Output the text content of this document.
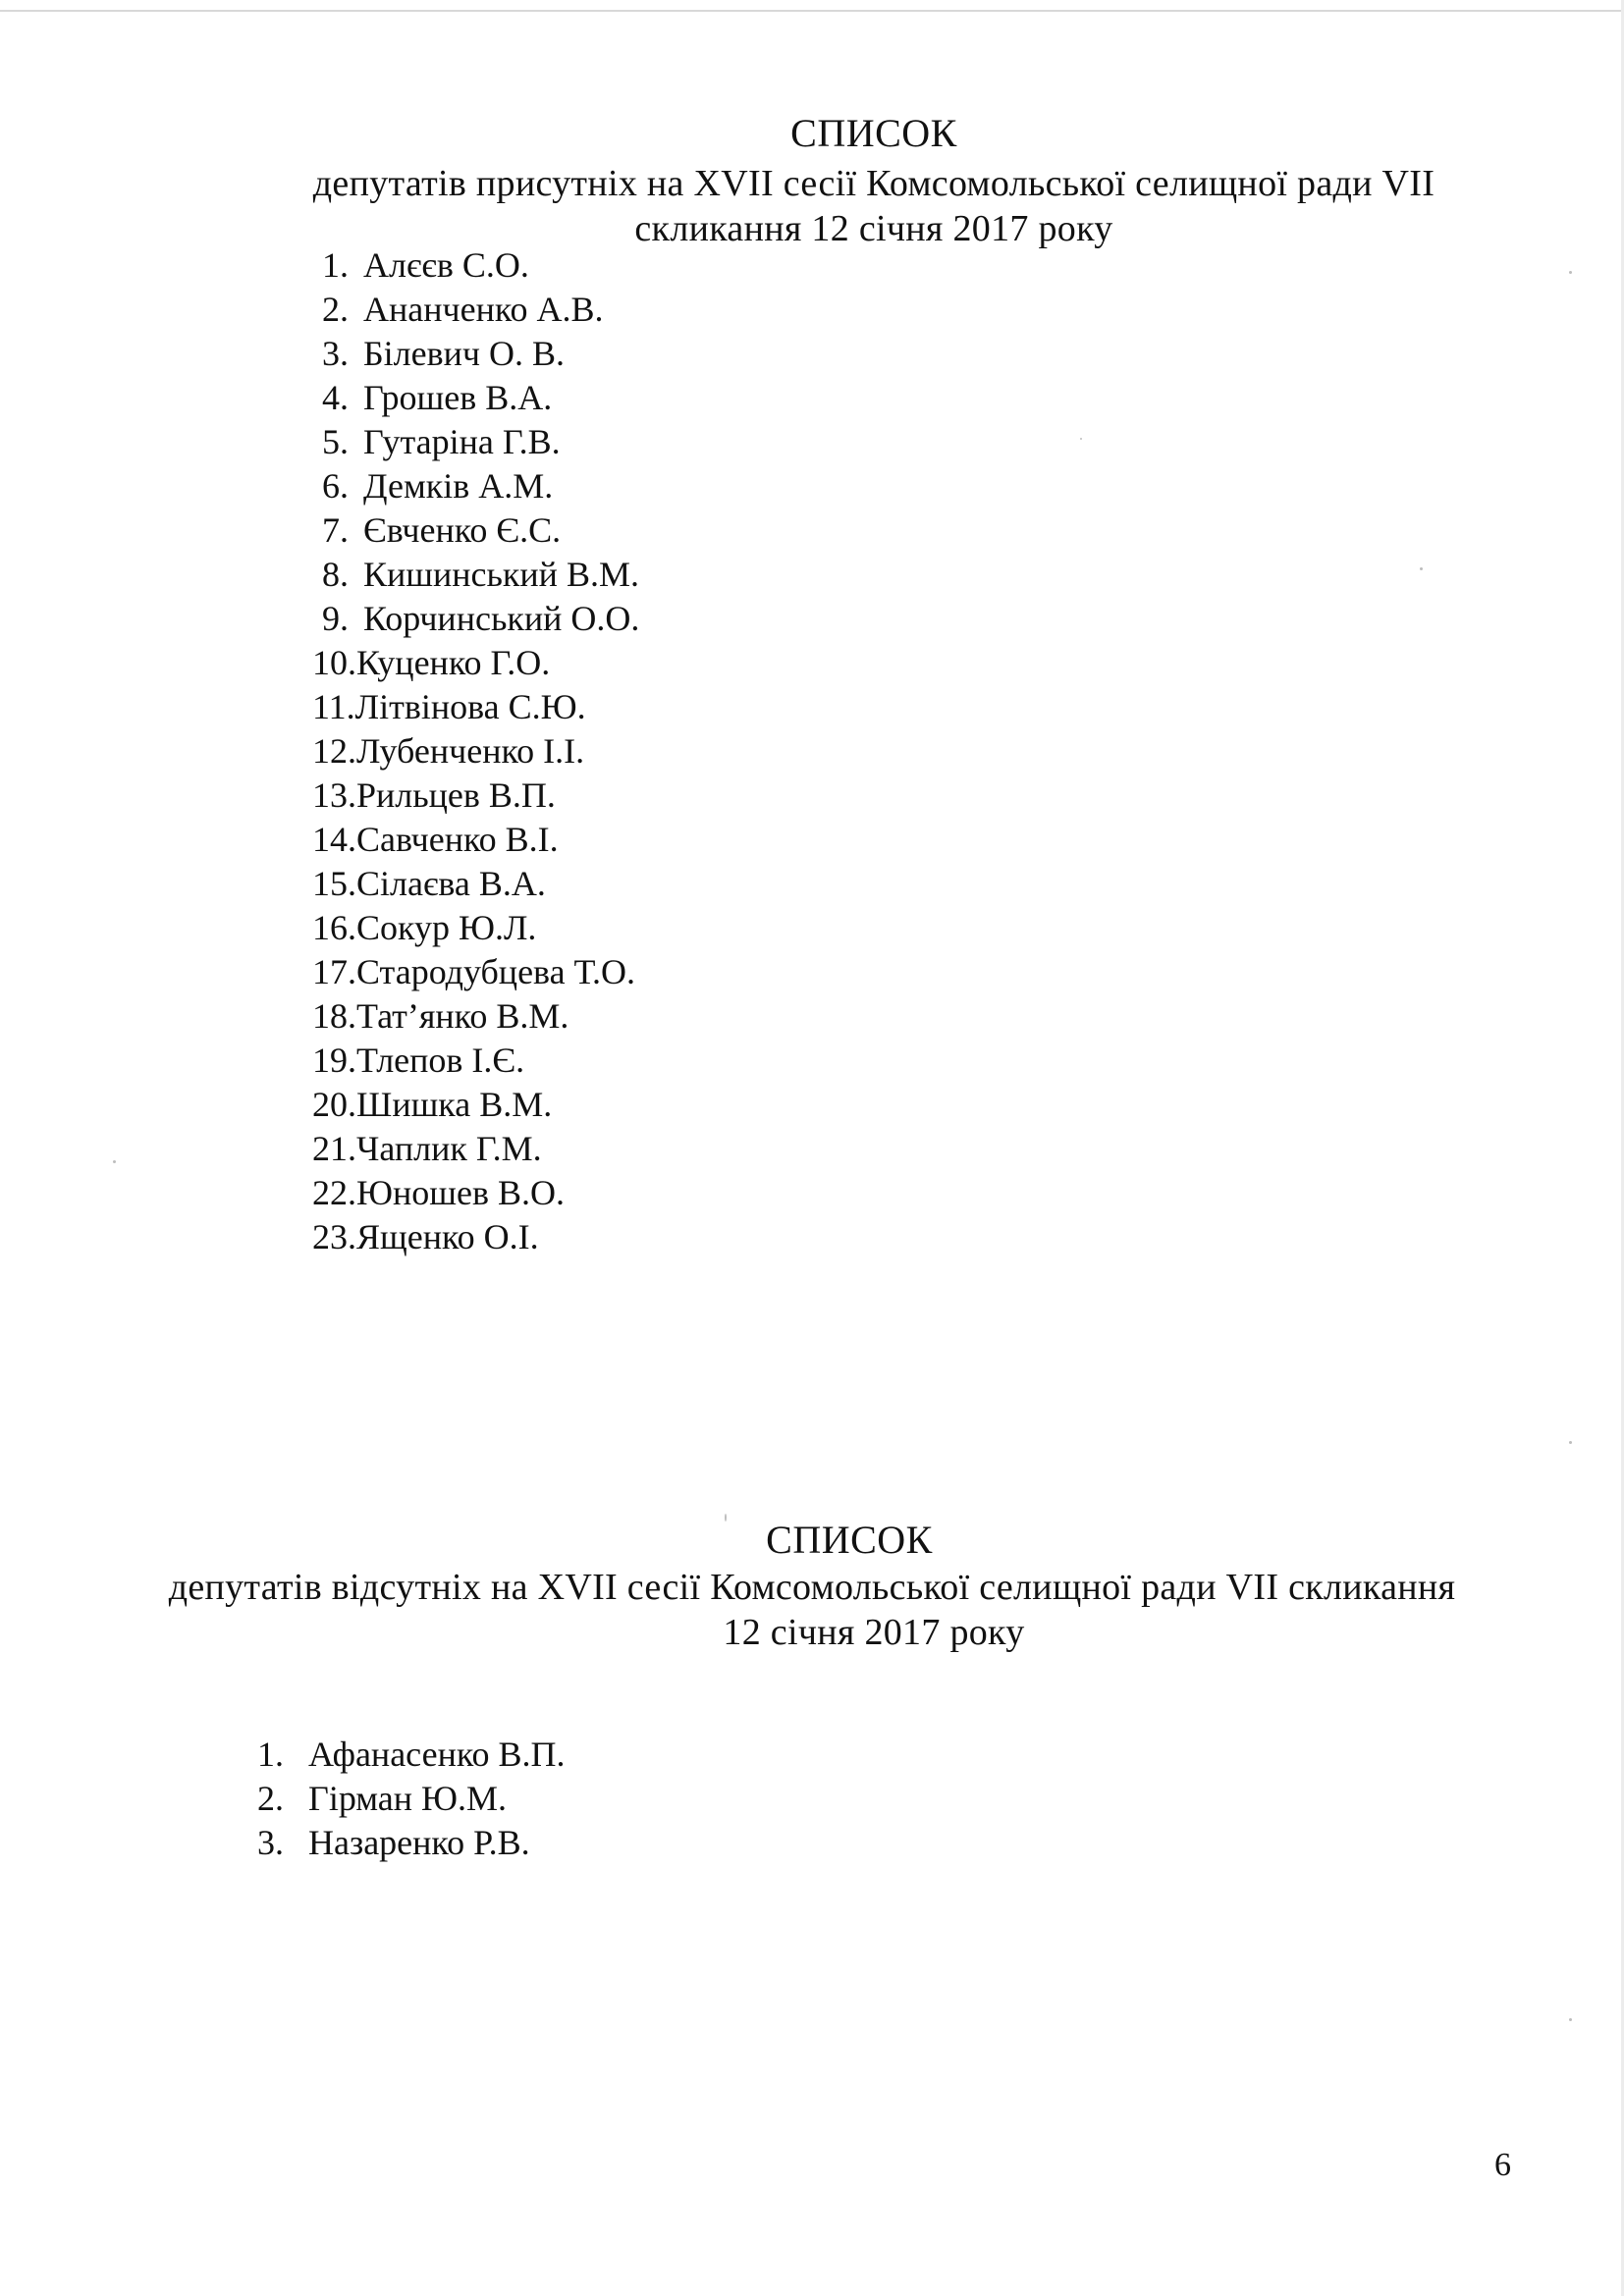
СПИСОК
депутатів присутніх на XVII сесії Комсомольської селищної ради VII
скликання 12 січня 2017 року
1. Алєєв С.О.
2. Ананченко А.В.
3. Білевич О. В.
4. Грошев В.А.
5. Гутаріна Г.В.
6. Демків А.М.
7. Євченко Є.С.
8. Кишинський В.М.
9. Корчинський О.О.
10.Куценко Г.О.
11.Літвінова С.Ю.
12.Лубенченко І.І.
13.Рильцев В.П.
14.Савченко В.І.
15.Сілаєва В.А.
16.Сокур Ю.Л.
17.Стародубцева Т.О.
18.Тат’янко В.М.
19.Тлепов І.Є.
20.Шишка В.М.
21.Чаплик Г.М.
22.Юношев В.О.
23.Ященко О.І.
СПИСОК
депутатів відсутніх на XVII сесії Комсомольської селищної ради VII скликання
12 січня 2017 року
1. Афанасенко В.П.
2. Гірман Ю.М.
3. Назаренко Р.В.
6
